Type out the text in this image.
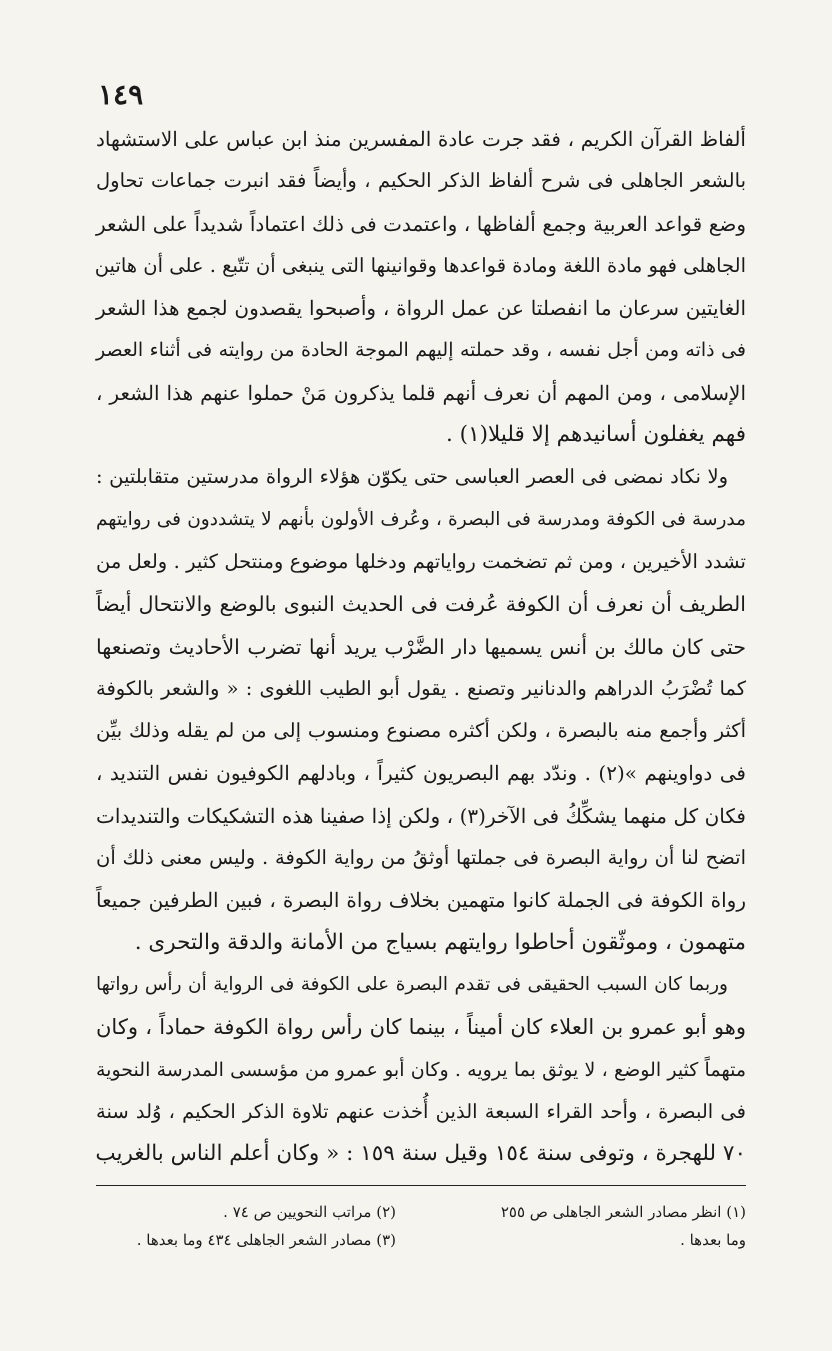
١٤٩
ألفاظ القرآن الكريم ، فقد جرت عادة المفسرين منذ ابن عباس على الاستشهاد
بالشعر الجاهلى فى شرح ألفاظ الذكر الحكيم ، وأيضاً فقد انبرت جماعات تحاول
وضع قواعد العربية وجمع ألفاظها ، واعتمدت فى ذلك اعتماداً شديداً على الشعر
الجاهلى فهو مادة اللغة ومادة قواعدها وقوانينها التى ينبغى أن تتّبع . على أن هاتين
الغايتين سرعان ما انفصلتا عن عمل الرواة ، وأصبحوا يقصدون لجمع هذا الشعر
فى ذاته ومن أجل نفسه ، وقد حملته إليهم الموجة الحادة من روايته فى أثناء العصر
الإسلامى ، ومن المهم أن نعرف أنهم قلما يذكرون مَنْ حملوا عنهم هذا الشعر ،
فهم يغفلون أسانيدهم إلا قليلا(١) .
ولا نكاد نمضى فى العصر العباسى حتى يكوّن هؤلاء الرواة مدرستين متقابلتين :
مدرسة فى الكوفة ومدرسة فى البصرة ، وعُرف الأولون بأنهم لا يتشددون فى روايتهم
تشدد الأخيرين ، ومن ثم تضخمت رواياتهم ودخلها موضوع ومنتحل كثير . ولعل من
الطريف أن نعرف أن الكوفة عُرفت فى الحديث النبوى بالوضع والانتحال أيضاً
حتى كان مالك بن أنس يسميها دار الضَّرْب يريد أنها تضرب الأحاديث وتصنعها
كما تُضْرَبُ الدراهم والدنانير وتصنع . يقول أبو الطيب اللغوى : « والشعر بالكوفة
أكثر وأجمع منه بالبصرة ، ولكن أكثره مصنوع ومنسوب إلى من لم يقله وذلك بيِّن
فى دواوينهم »(٢) . وندّد بهم البصريون كثيراً ، وبادلهم الكوفيون نفس التنديد ،
فكان كل منهما يشكِّكُ فى الآخر(٣) ، ولكن إذا صفينا هذه التشكيكات والتنديدات
اتضح لنا أن رواية البصرة فى جملتها أوثقُ من رواية الكوفة . وليس معنى ذلك أن
رواة الكوفة فى الجملة كانوا متهمين بخلاف رواة البصرة ، فبين الطرفين جميعاً
متهمون ، وموثّقون أحاطوا روايتهم بسياج من الأمانة والدقة والتحرى .
وربما كان السبب الحقيقى فى تقدم البصرة على الكوفة فى الرواية أن رأس رواتها
وهو أبو عمرو بن العلاء كان أميناً ، بينما كان رأس رواة الكوفة حماداً ، وكان
متهماً كثير الوضع ، لا يوثق بما يرويه . وكان أبو عمرو من مؤسسى المدرسة النحوية
فى البصرة ، وأحد القراء السبعة الذين أُخذت عنهم تلاوة الذكر الحكيم ، وُلد سنة
٧٠ للهجرة ، وتوفى سنة ١٥٤ وقيل سنة ١٥٩ : « وكان أعلم الناس بالغريب
(١) انظر مصادر الشعر الجاهلى ص ٢٥٥
(٢) مراتب النحويين ص ٧٤ .
وما بعدها .
(٣) مصادر الشعر الجاهلى ٤٣٤ وما بعدها .
